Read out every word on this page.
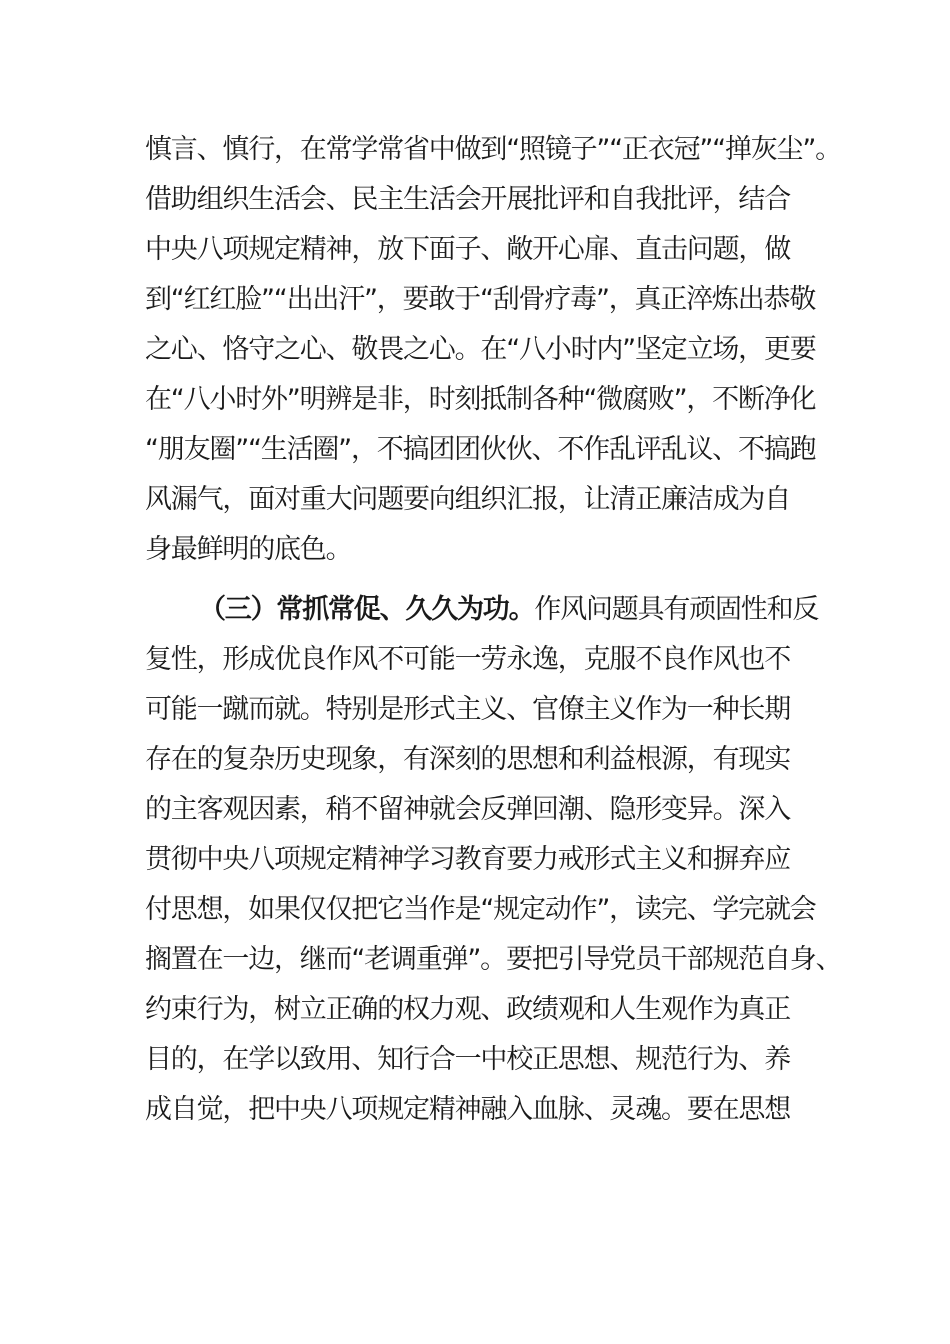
慎言、慎行，在常学常省中做到“照镜子”“正衣冠”“掸灰尘”。
借助组织生活会、民主生活会开展批评和自我批评，结合
中央八项规定精神，放下面子、敞开心扉、直击问题，做
到“红红脸”“出出汗”，要敢于“刮骨疗毒”，真正淬炼出恭敬
之心、恪守之心、敬畏之心。在“八小时内”坚定立场，更要
在“八小时外”明辨是非，时刻抵制各种“微腐败”，不断净化
“朋友圈”“生活圈”，不搞团团伙伙、不作乱评乱议、不搞跑
风漏气，面对重大问题要向组织汇报，让清正廉洁成为自
身最鲜明的底色。
（三）常抓常促、久久为功。作风问题具有顽固性和反
复性，形成优良作风不可能一劳永逸，克服不良作风也不
可能一蹴而就。特别是形式主义、官僚主义作为一种长期
存在的复杂历史现象，有深刻的思想和利益根源，有现实
的主客观因素，稍不留神就会反弹回潮、隐形变异。深入
贯彻中央八项规定精神学习教育要力戒形式主义和摒弃应
付思想，如果仅仅把它当作是“规定动作”，读完、学完就会
搁置在一边，继而“老调重弹”。要把引导党员干部规范自身、
约束行为，树立正确的权力观、政绩观和人生观作为真正
目的，在学以致用、知行合一中校正思想、规范行为、养
成自觉，把中央八项规定精神融入血脉、灵魂。要在思想
